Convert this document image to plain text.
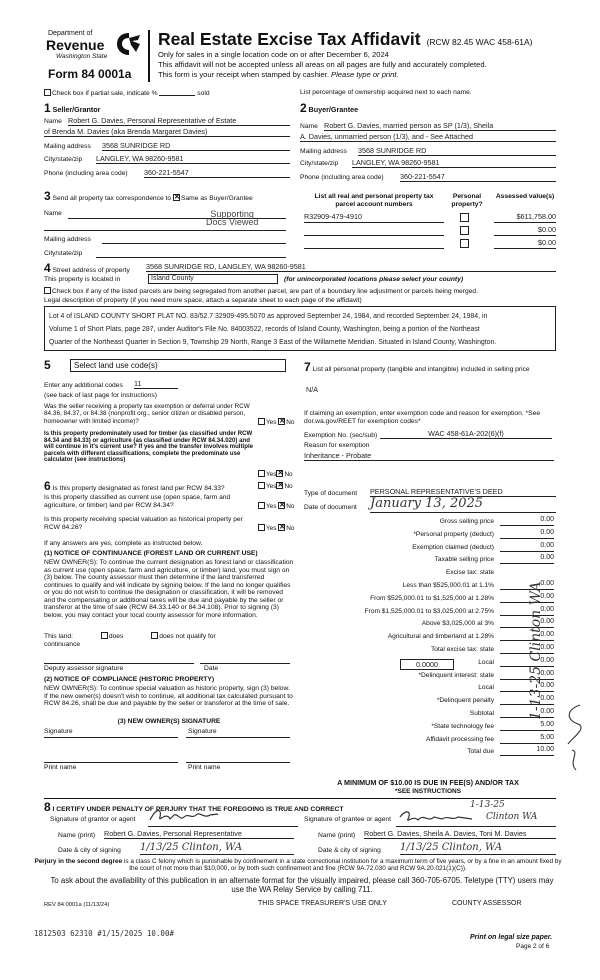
Department of
Revenue
Washington State
Form 84 0001a
Real Estate Excise Tax Affidavit (RCW 82.45 WAC 458-61A)
Only for sales in a single location code on or after December 6, 2024
This affidavit will not be accepted unless all areas on all pages are fully and accurately completed.
This form is your receipt when stamped by cashier. Please type or print.
Check box if partial sale, indicate %	sold	List percentage of ownership acquired next to each name.
1 Seller/Grantor
Name Robert G. Davies, Personal Representative of Estate
of Brenda M. Davies (aka Brenda Margaret Davies)
Mailing address 3568 SUNRIDGE RD
City/state/zip LANGLEY, WA 98260-9581
Phone (including area code) 360-221-5547
2 Buyer/Grantee
Name Robert G. Davies, married person as SP (1/3), Sheila
A. Davies, unmarried person (1/3), and - See Attached
Mailing address 3568 SUNRIDGE RD
City/state/zip LANGLEY, WA 98260-9581
Phone (including area code) 360-221-5547
3 Send all property tax correspondence to ✕Same as Buyer/Grantee
Name	Supporting
Docs Viewed
Mailing address
City/state/zip
List all real and personal property tax parcel account numbers
Personal property?
Assessed value(s)
R32909-479-4910	$611,758.00
$0.00
$0.00
4 Street address of property 3568 SUNRIDGE RD, LANGLEY, WA 98260-9581
This property is located in	Island County	(for unincorporated locations please select your county)
Check box if any of the listed parcels are being segregated from another parcel, are part of a boundary line adjustment or parcels being merged.
Legal description of property (if you need more space, attach a separate sheet to each page of the affidavit)
Lot 4 of ISLAND COUNTY SHORT PLAT NO. 83/52.7 32909-495.5070 as approved September 24, 1984, and recorded September 24, 1984, in
Volume 1 of Short Plats, page 287, under Auditor's File No. 84003522, records of Island County, Washington, being a portion of the Northeast
Quarter of the Northeast Quarter in Section 9, Township 29 North, Range 3 East of the Willamette Meridian. Situated in Island County, Washington.
5	Select land use code(s)
Enter any additional codes 11
(see back of last page for instructions)
Was the seller receiving a property tax exemption or deferral under RCW 84.36, 84.37, or 84.38 (nonprofit org., senior citizen or disabled person, homeowner with limited income)?	Yes ✕ No
Is this property predominately used for timber (as classified under RCW 84.34 and 84.33) or agriculture (as classified under RCW 84.34.020) and will continue in it's current use? If yes and the transfer involves multiple parcels with different classifications, complete the predominate use calculator (see instructions)
Yes ✕ No
6 Is this property designated as forest land per RCW 84.33?	Yes ✕ No
Is this property classified as current use (open space, farm and agriculture, or timber) land per RCW 84.34?	Yes ✕ No
Is this property receiving special valuation as historical property per RCW 84.26?	Yes ✕ No
If any answers are yes, complete as instructed below.
(1) NOTICE OF CONTINUANCE (FOREST LAND OR CURRENT USE)
NEW OWNER(S): To continue the current designation as forest land or classification as current use (open space, farm and agriculture, or timber) land, you must sign on (3) below. The county assessor must then determine if the land transferred continues to qualify and will indicate by signing below. If the land no longer qualifies or you do not wish to continue the designation or classification, it will be removed and the compensating or additional taxes will be due and payable by the seller or transferor at the time of sale (RCW 84.33.140 or 84.34.108). Prior to signing (3) below, you may contact your local county assessor for more information.
This land:	does	does not qualify for
continuance
Deputy assessor signature	Date
(2) NOTICE OF COMPLIANCE (HISTORIC PROPERTY)
NEW OWNER(S): To continue special valuation as historic property, sign (3) below. If the new owner(s) doesn't wish to continue, all additional tax calculated pursuant to RCW 84.26, shall be due and payable by the seller or transferor at the time of sale.
(3) NEW OWNER(S) SIGNATURE
Signature	Signature
Print name	Print name
7 List all personal property (tangible and intangible) included in selling price
N/A
If claiming an exemption, enter exemption code and reason for exemption. *See dor.wa.gov/REET for exemption codes*
Exemption No. (sec/sub)	WAC 458-61A-202(6)(f)
Reason for exemption
Inheritance - Probate
Type of document PERSONAL REPRESENTATIVE'S DEED
Date of document January 13, 2025
Gross selling price	0.00
*Personal property (deduct)	0.00
Exemption claimed (deduct)	0.00
Taxable selling price	0.00
Excise tax: state
Less than $525,000.01 at 1.1%	0.00
From $525,000.01 to $1,525,000 at 1.28%	0.00
From $1,525,000.01 to $3,025,000 at 2.75%	0.00
Above $3,025,000 at 3%	0.00
Agricultural and timberland at 1.28%	0.00
Total excise tax: state	0.00
Local	0.00
*Delinquent interest: state	0.00
Local	0.00
*Delinquent penalty	0.00
Subtotal	0.00
*State technology fee	5.00
Affidavit processing fee	5.00
Total due	10.00
0.0000
A MINIMUM OF $10.00 IS DUE IN FEE(S) AND/OR TAX
*SEE INSTRUCTIONS
8 I CERTIFY UNDER PENALTY OF PERJURY THAT THE FOREGOING IS TRUE AND CORRECT
Signature of grantor or agent	Signature of grantee or agent	Clinton WA
1-13-25
Name (print) Robert G. Davies, Personal Representative	Name (print) Robert G. Davies, Sheila A. Davies, Toni M. Davies
Date & city of signing 1/13/25 Clinton, WA	Date & city of signing 1/13/25 Clinton, WA
Perjury in the second degree is a class C felony which is punishable by confinement in a state correctional institution for a maximum term of five years, or by a fine in an amount fixed by the court of not more than $10,000, or by both such confinement and fine (RCW 9A.72.030 and RCW 9A.20.021(1)(C)).
To ask about the availability of this publication in an alternate format for the visually impaired, please call 360-705-6705. Teletype (TTY) users may use the WA Relay Service by calling 711.
REV 84 0001a (11/13/24)	THIS SPACE TREASURER'S USE ONLY	COUNTY ASSESSOR
1812503 62310 #1/15/2025 10.00#	Print on legal size paper.
Page 2 of 6
1-13-25 Clinton WA
